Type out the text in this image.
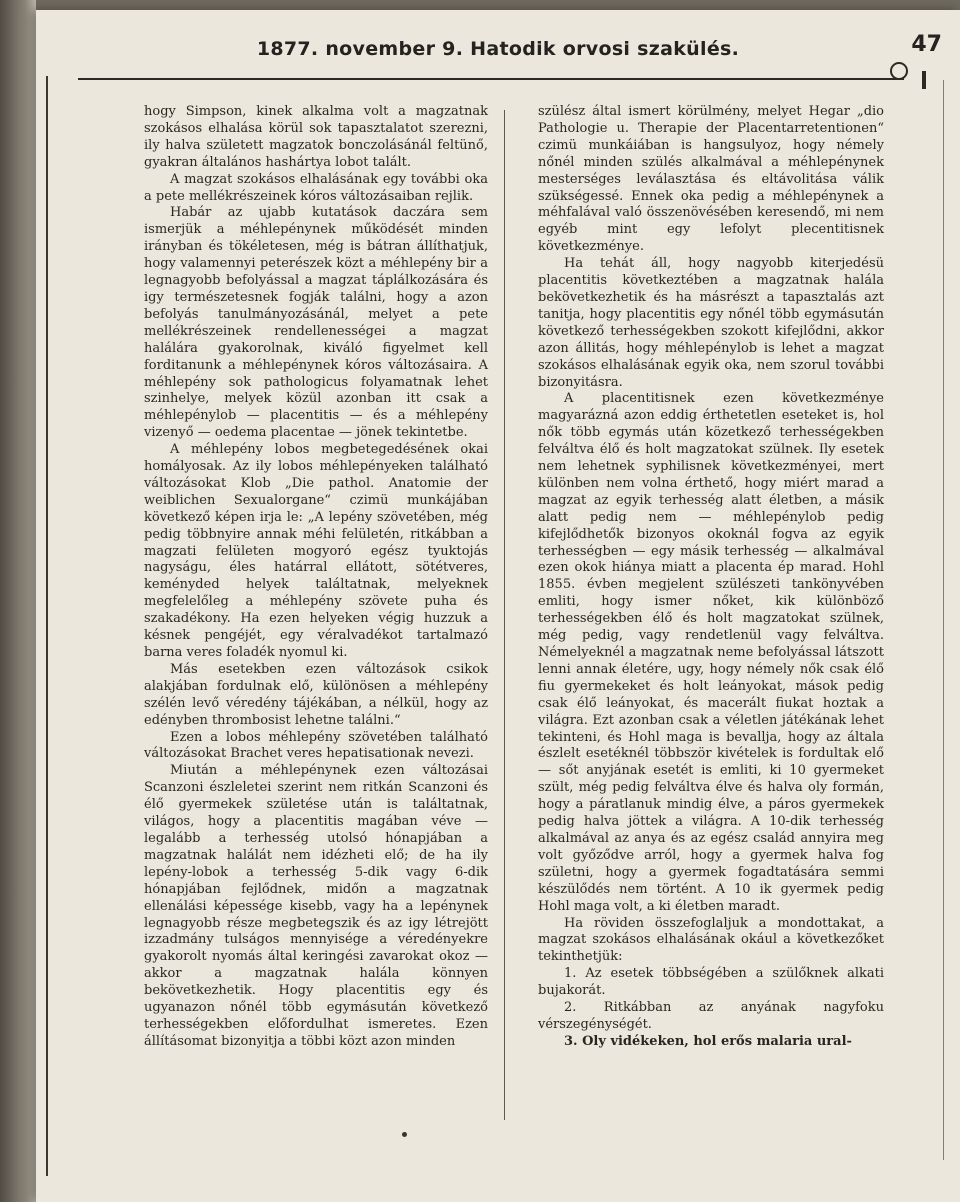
1877. november 9. Hatodik orvosi szakülés.	47

hogy Simpson, kinek alkalma volt a magzatnak szokásos elhalása körül sok tapasztalatot szerezni, ily halva született magzatok bonczolásánál feltünő, gyakran általános hashártya lobot talált.

A magzat szokásos elhalásának egy további oka a pete mellékrészeinek kóros változásaiban rejlik.

Habár az ujabb kutatások daczára sem ismerjük a méhlepénynek működését minden irányban és tökéletesen, még is bátran állíthatjuk, hogy valamennyi peterészek közt a méhlepény bir a legnagyobb befolyással a magzat táplálkozására és igy természetesnek fogják találni, hogy a azon befolyás tanulmányozásánál, melyet a pete mellékrészeinek rendellenességei a magzat halálára gyakorolnak, kiváló figyelmet kell forditanunk a méhlepénynek kóros változásaira. A méhlepény sok pathologicus folyamatnak lehet szinhelye, melyek közül azonban itt csak a méhlepénylob — placentitis — és a méhlepény vizenyő — oedema placentae — jönek tekintetbe.

A méhlepény lobos megbetegedésének okai homályosak. Az ily lobos méhlepényeken található változásokat Klob „Die pathol. Anatomie der weiblichen Sexualorgane“ czimü munkájában következő képen irja le: „A lepény szövetében, még pedig többnyire annak méhi felületén, ritkábban a magzati felületen mogyoró egész tyuktojás nagyságu, éles határral ellátott, sötétveres, keményded helyek találtatnak, melyeknek megfelelőleg a méhlepény szövete puha és szakadékony. Ha ezen helyeken végig huzzuk a késnek pengéjét, egy véralvadékot tartalmazó barna veres foladék nyomul ki.

Más esetekben ezen változások csikok alakjában fordulnak elő, különösen a méhlepény szélén levő véredény tájékában, a nélkül, hogy az edényben thrombosist lehetne találni.“

Ezen a lobos méhlepény szövetében található változásokat Brachet veres hepatisationak nevezi.

Miután a méhlepénynek ezen változásai Scanzoni észleletei szerint nem ritkán Scanzoni és élő gyermekek születése után is találtatnak, világos, hogy a placentitis magában véve — legalább a terhesség utolsó hónapjában a magzatnak halálát nem idézheti elő; de ha ily lepény-lobok a terhesség 5-dik vagy 6-dik hónapjában fejlődnek, midőn a magzatnak ellenálási képessége kisebb, vagy ha a lepénynek legnagyobb része megbetegszik és az igy létrejött izzadmány tulságos mennyisége a véredényekre gyakorolt nyomás által keringési zavarokat okoz — akkor a magzatnak halála könnyen bekövetkezhetik. Hogy placentitis egy és ugyanazon nőnél több egymásután következő terhességekben előfordulhat ismeretes. Ezen állításomat bizonyitja a többi közt azon minden

szülész által ismert körülmény, melyet Hegar „dio Pathologie u. Therapie der Placentarretentionen“ czimü munkáiában is hangsulyoz, hogy némely nőnél minden szülés alkalmával a méhlepénynek mesterséges leválasztása és eltávolitása válik szükségessé. Ennek oka pedig a méhlepénynek a méhfalával való összenövésében keresendő, mi nem egyéb mint egy lefolyt plecentitisnek következménye.

Ha tehát áll, hogy nagyobb kiterjedésü placentitis következtében a magzatnak halála bekövetkezhetik és ha másrészt a tapasztalás azt tanitja, hogy placentitis egy nőnél több egymásután következő terhességekben szokott kifejlődni, akkor azon állitás, hogy méhlepénylob is lehet a magzat szokásos elhalásának egyik oka, nem szorul további bizonyitásra.

A placentitisnek ezen következménye magyarázná azon eddig érthetetlen eseteket is, hol nők több egymás után közetkező terhességekben felváltva élő és holt magzatokat szülnek. Ily esetek nem lehetnek syphilisnek következményei, mert különben nem volna érthető, hogy miért marad a magzat az egyik terhesség alatt életben, a másik alatt pedig nem — méhlepénylob pedig kifejlődhetők bizonyos okoknál fogva az egyik terhességben — egy másik terhesség — alkalmával ezen okok hiánya miatt a placenta ép marad. Hohl 1855. évben megjelent szülészeti tankönyvében emliti, hogy ismer nőket, kik különböző terhességekben élő és holt magzatokat szülnek, még pedig, vagy rendetlenül vagy felváltva. Némelyeknél a magzatnak neme befolyással látszott lenni annak életére, ugy, hogy némely nők csak élő fiu gyermekeket és holt leányokat, mások pedig csak élő leányokat, és macerált fiukat hoztak a világra. Ezt azonban csak a véletlen játékának lehet tekinteni, és Hohl maga is bevallja, hogy az általa észlelt esetéknél többször kivételek is fordultak elő — sőt anyjának esetét is emliti, ki 10 gyermeket szült, még pedig felváltva élve és halva oly formán, hogy a páratlanuk mindig élve, a páros gyermekek pedig halva jöttek a világra. A 10-dik terhesség alkalmával az anya és az egész család annyira meg volt győződve arról, hogy a gyermek halva fog születni, hogy a gyermek fogadtatására semmi készülődés nem történt. A 10 ik gyermek pedig Hohl maga volt, a ki életben maradt.

Ha röviden összefoglaljuk a mondottakat, a magzat szokásos elhalásának okául a következőket tekinthetjük:

1. Az esetek többségében a szülőknek alkati bujakorát.

2. Ritkábban az anyának nagyfoku vérszegénységét.

3. Oly vidékeken, hol erős malaria ural-
